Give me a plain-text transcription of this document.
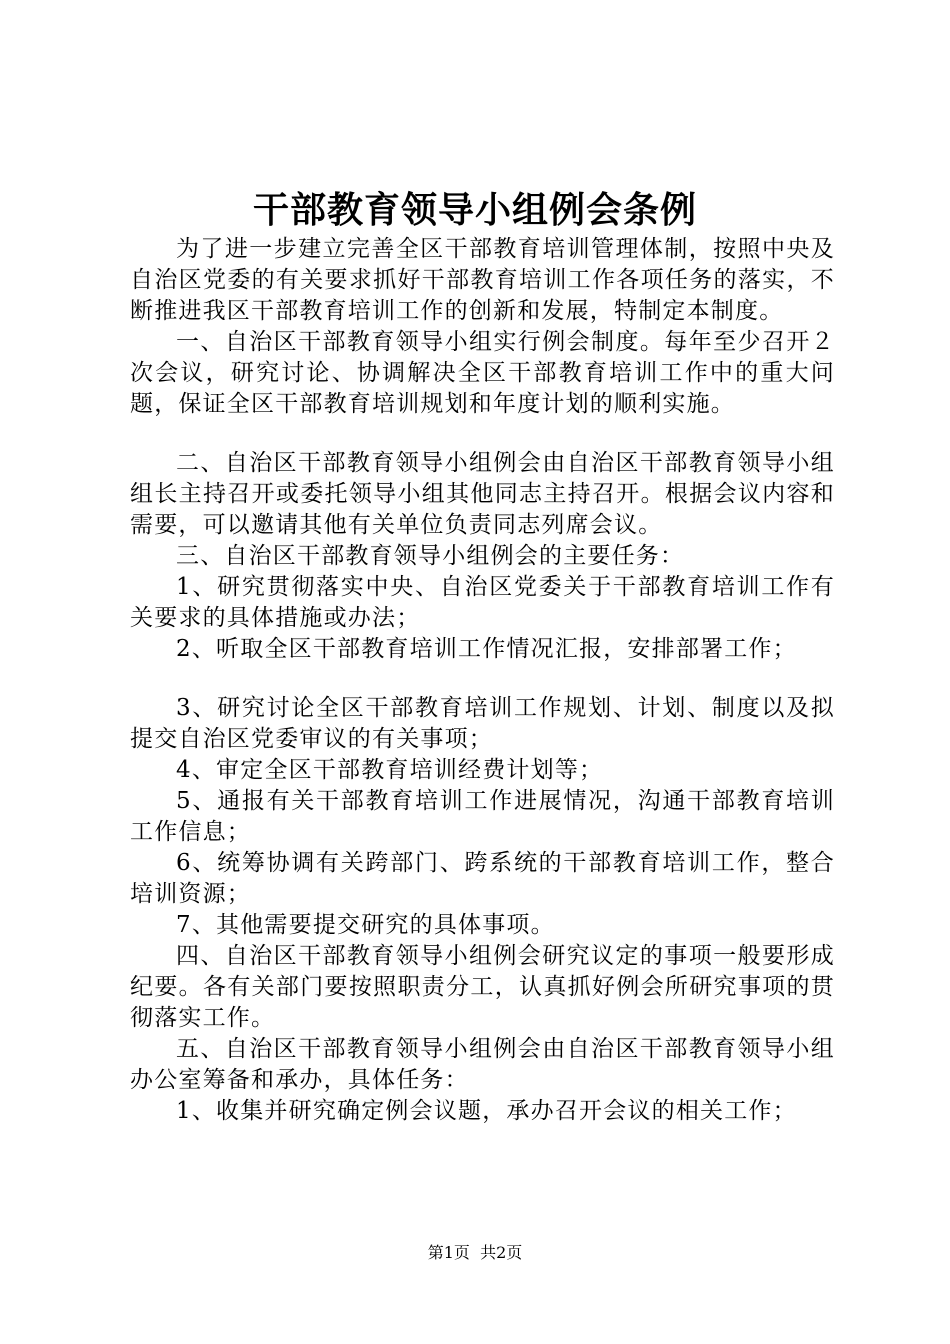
干部教育领导小组例会条例

为了进一步建立完善全区干部教育培训管理体制，按照中央及自治区党委的有关要求抓好干部教育培训工作各项任务的落实，不断推进我区干部教育培训工作的创新和发展，特制定本制度。

一、自治区干部教育领导小组实行例会制度。每年至少召开２次会议，研究讨论、协调解决全区干部教育培训工作中的重大问题，保证全区干部教育培训规划和年度计划的顺利实施。

二、自治区干部教育领导小组例会由自治区干部教育领导小组组长主持召开或委托领导小组其他同志主持召开。根据会议内容和需要，可以邀请其他有关单位负责同志列席会议。

三、自治区干部教育领导小组例会的主要任务：

1、研究贯彻落实中央、自治区党委关于干部教育培训工作有关要求的具体措施或办法；

2、听取全区干部教育培训工作情况汇报，安排部署工作；

3、研究讨论全区干部教育培训工作规划、计划、制度以及拟提交自治区党委审议的有关事项；

4、审定全区干部教育培训经费计划等；

5、通报有关干部教育培训工作进展情况，沟通干部教育培训工作信息；

6、统筹协调有关跨部门、跨系统的干部教育培训工作，整合培训资源；

7、其他需要提交研究的具体事项。

四、自治区干部教育领导小组例会研究议定的事项一般要形成纪要。各有关部门要按照职责分工，认真抓好例会所研究事项的贯彻落实工作。

五、自治区干部教育领导小组例会由自治区干部教育领导小组办公室筹备和承办，具体任务：

1、收集并研究确定例会议题，承办召开会议的相关工作；

第1页  共2页
